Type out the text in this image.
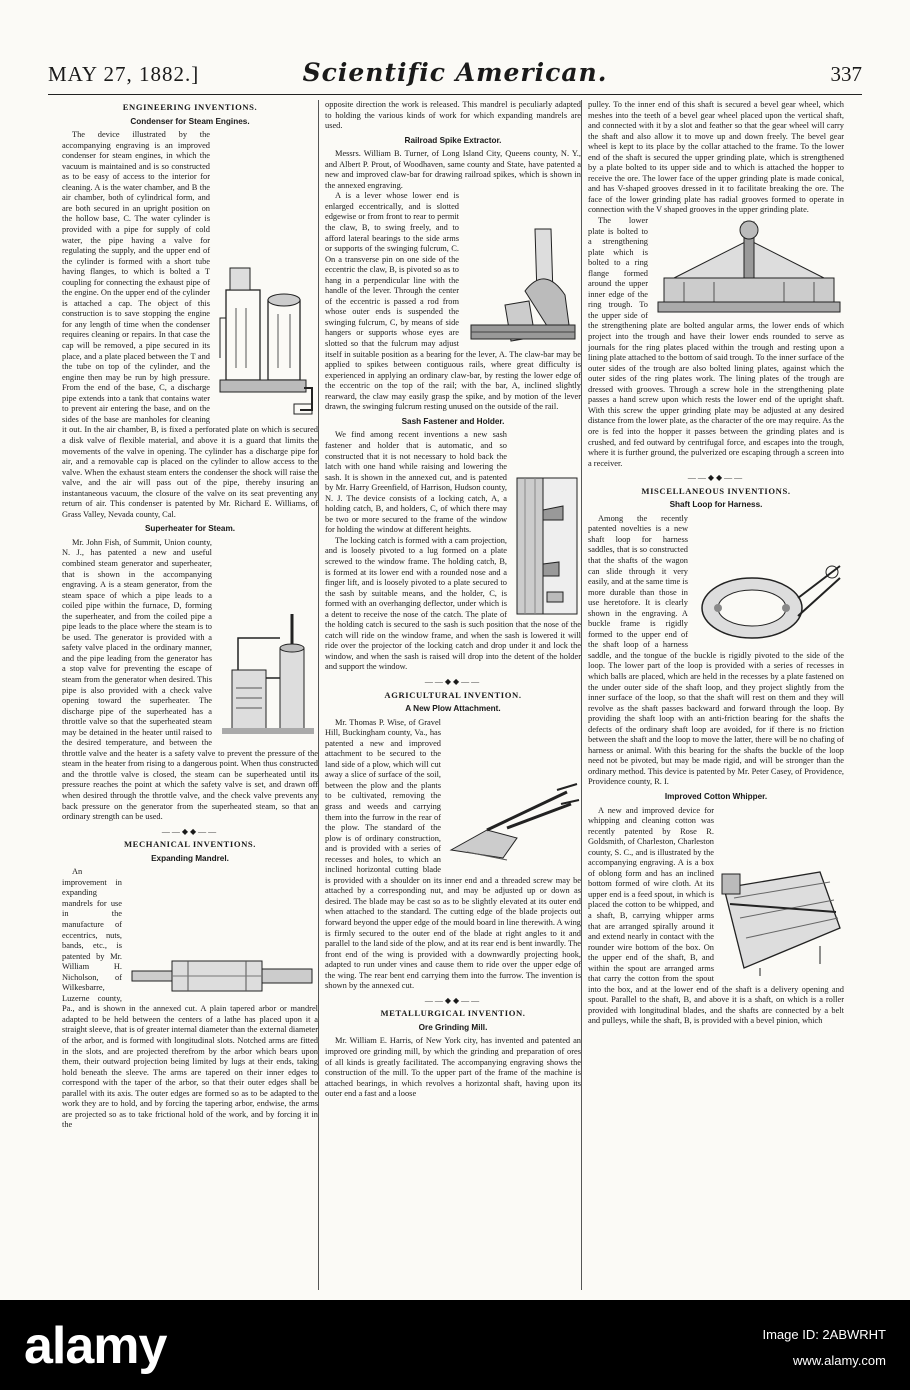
MAY 27, 1882.]	Scientific American.	337
ENGINEERING INVENTIONS.
Condenser for Steam Engines.

The device illustrated by the accompanying engraving is an improved condenser for steam engines, in which the vacuum is maintained and is so constructed as to be easy of access to the interior for cleaning. A is the water chamber, and B the air chamber, both of cylindrical form, and are both secured in an upright position on the hollow base, C. The water cylinder is provided with a pipe for supply of cold water, the pipe having a valve for regulating the supply, and the upper end of the cylinder is formed with a short tube having flanges, to which is bolted a T coupling for connecting the exhaust pipe of the engine. On the upper end of the cylinder is attached a cap. The object of this construction is to save stopping the engine for any length of time when the condenser requires cleaning or repairs. In that case the cap will be removed, a pipe secured in its place, and a plate placed between the T and the tube on top of the cylinder, and the engine then may be run by high pressure. From the end of the base, C, a discharge pipe extends into a tank that contains water to prevent air entering the base, and on the sides of the base are manholes for cleaning it out. In the air chamber, B, is fixed a perforated plate on which is secured a disk valve of flexible material, and above it is a guard that limits the movements of the valve in opening. The cylinder has a discharge pipe for air, and a removable cap is placed on the cylinder to allow access to the valve. When the exhaust steam enters the condenser the shock will raise the valve, and the air will pass out of the pipe, thereby insuring an instantaneous vacuum, the closure of the valve on its seat preventing any return of air. This condenser is patented by Mr. Richard E. Williams, of Grass Valley, Nevada county, Cal.

Superheater for Steam.

Mr. John Fish, of Summit, Union county, N. J., has patented a new and useful combined steam generator and superheater, that is shown in the accompanying engraving. A is a steam generator, from the steam space of which a pipe leads to a coiled pipe within the furnace, D, forming the superheater, and from the coiled pipe a pipe leads to the place where the steam is to be used. The generator is provided with a safety valve placed in the ordinary manner, and the pipe leading from the generator has a stop valve for preventing the escape of steam from the generator when desired. This pipe is also provided with a check valve opening toward the superheater. The discharge pipe of the superheated has a throttle valve so that the superheated steam may be detained in the heater until raised to the desired temperature, and between the throttle valve and the heater is a safety valve to prevent the pressure of the steam in the heater from rising to a dangerous point. When thus constructed and the throttle valve is closed, the steam can be superheated until its pressure reaches the point at which the safety valve is set, and drawn off when desired through the throttle valve, and the check valve prevents any back pressure on the generator from the superheated steam, so that an ordinary strength can be used.

——◆◆——
MECHANICAL INVENTIONS.
Expanding Mandrel.

An improvement in expanding mandrels for use in the manufacture of eccentrics, nuts, bands, etc., is patented by Mr. William H. Nicholson, of Wilkesbarre, Luzerne county, Pa., and is shown in the annexed cut. A plain tapered arbor or mandrel adapted to be held between the centers of a lathe has placed upon it a straight sleeve, that is of greater internal diameter than the external diameter of the arbor, and is formed with longitudinal slots. Notched arms are fitted in the slots, and are projected therefrom by the arbor which bears upon them, their outward projection being limited by lugs at their ends, taking hold beneath the sleeve. The arms are tapered on their inner edges to correspond with the taper of the arbor, so that their outer edges shall be parallel with its axis. The outer edges are formed so as to be adapted to the work they are to hold, and by forcing the tapering arbor, endwise, the arms are projected so as to take frictional hold of the work, and by forcing it in the

opposite direction the work is released. This mandrel is peculiarly adapted to holding the various kinds of work for which expanding mandrels are used.

Railroad Spike Extractor.

Messrs. William B. Turner, of Long Island City, Queens county, N. Y., and Albert P. Prout, of Woodhaven, same county and State, have patented a new and improved claw-bar for drawing railroad spikes, which is shown in the annexed engraving.

A is a lever whose lower end is enlarged eccentrically, and is slotted edgewise or from front to rear to permit the claw, B, to swing freely, and to afford lateral bearings to the side arms or supports of the swinging fulcrum, C. On a transverse pin on one side of the eccentric the claw, B, is pivoted so as to hang in a perpendicular line with the handle of the lever. Through the center of the eccentric is passed a rod from whose outer ends is suspended the swinging fulcrum, C, by means of side hangers or supports whose eyes are slotted so that the fulcrum may adjust itself in suitable position as a bearing for the lever, A. The claw-bar may be applied to spikes between contiguous rails, where great difficulty is experienced in applying an ordinary claw-bar, by resting the lower edge of the eccentric on the top of the rail; with the bar, A, inclined slightly rearward, the claw may easily grasp the spike, and by motion of the lever drawn, the swinging fulcrum resting unused on the outside of the rail.

Sash Fastener and Holder.

We find among recent inventions a new sash fastener and holder that is automatic, and so constructed that it is not necessary to hold back the latch with one hand while raising and lowering the sash. It is shown in the annexed cut, and is patented by Mr. Harry Greenfield, of Harrison, Hudson county, N. J. The device consists of a locking catch, A, a holding catch, B, and holders, C, of which there may be two or more secured to the frame of the window for holding the window at different heights.

The locking catch is formed with a cam projection, and is loosely pivoted to a lug formed on a plate screwed to the window frame. The holding catch, B, is formed at its lower end with a rounded nose and a finger lift, and is loosely pivoted to a plate secured to the sash by suitable means, and the holder, C, is formed with an overhanging deflector, under which is a detent to receive the nose of the catch. The plate of the holding catch is secured to the sash is such position that the nose of the catch will ride on the window frame, and when the sash is lowered it will ride over the projector of the locking catch and drop under it and lock the window, and when the sash is raised will drop into the detent of the holder and support the window.

——◆◆——
AGRICULTURAL INVENTION.
A New Plow Attachment.

Mr. Thomas P. Wise, of Gravel Hill, Buckingham county, Va., has patented a new and improved attachment to be secured to the land side of a plow, which will cut away a slice of surface of the soil, between the plow and the plants to be cultivated, removing the grass and weeds and carrying them into the furrow in the rear of the plow. The standard of the plow is of ordinary construction, and is provided with a series of recesses and holes, to which an inclined horizontal cutting blade is provided with a shoulder on its inner end and a threaded screw may be attached by a corresponding nut, and may be adjusted up or down as desired. The blade may be cast so as to be slightly elevated at its outer end when attached to the standard. The cutting edge of the blade projects out forward beyond the upper edge of the mould board in line therewith. A wing is firmly secured to the outer end of the blade at right angles to it and parallel to the land side of the plow, and at its rear end is bent inwardly. The front end of the wing is provided with a downwardly projecting hook, adapted to run under vines and cause them to ride over the upper edge of the wing. The rear bent end carrying them into the furrow. The invention is shown by the annexed cut.

——◆◆——
METALLURGICAL INVENTION.
Ore Grinding Mill.

Mr. William E. Harris, of New York city, has invented and patented an improved ore grinding mill, by which the grinding and preparation of ores of all kinds is greatly facilitated. The accompanying engraving shows the construction of the mill. To the upper part of the frame of the machine is attached bearings, in which revolves a horizontal shaft, having upon its outer end a fast and a loose

pulley. To the inner end of this shaft is secured a bevel gear wheel, which meshes into the teeth of a bevel gear wheel placed upon the vertical shaft, and connected with it by a slot and feather so that the gear wheel will carry the shaft and also allow it to move up and down freely. The bevel gear wheel is kept to its place by the collar attached to the frame. To the lower end of the shaft is secured the upper grinding plate, which is strengthened by a plate bolted to its upper side and to which is attached the hopper to receive the ore. The lower face of the upper grinding plate is made conical, and has V-shaped grooves dressed in it to facilitate breaking the ore. The face of the lower grinding plate has radial grooves formed to operate in connection with the V shaped grooves in the upper grinding plate.

The lower plate is bolted to a strengthening plate which is bolted to a ring flange formed around the upper inner edge of the ring trough. To the upper side of the strengthening plate are bolted angular arms, the lower ends of which project into the trough and have their lower ends rounded to serve as journals for the ring plates placed within the trough and resting upon a lining plate attached to the bottom of said trough. To the inner surface of the outer sides of the trough are also bolted lining plates, against which the outer sides of the ring plates work. The lining plates of the trough are dressed with grooves. Through a screw hole in the strengthening plate passes a hand screw upon which rests the lower end of the upright shaft. With this screw the upper grinding plate may be adjusted at any desired distance from the lower plate, as the character of the ore may require. As the ore is fed into the hopper it passes between the grinding plates and is crushed, and fed outward by centrifugal force, and escapes into the trough, where it is further ground, the pulverized ore escaping through a screen into a receiver.

——◆◆——
MISCELLANEOUS INVENTIONS.
Shaft Loop for Harness.

Among the recently patented novelties is a new shaft loop for harness saddles, that is so constructed that the shafts of the wagon can slide through it very easily, and at the same time is more durable than those in use heretofore. It is clearly shown in the engraving. A buckle frame is rigidly formed to the upper end of the shaft loop of a harness saddle, and the tongue of the buckle is rigidly pivoted to the side of the loop. The lower part of the loop is provided with a series of recesses in which balls are placed, which are held in the recesses by a plate fastened on the under outer side of the shaft loop, and they project slightly from the inner surface of the loop, so that the shaft will rest on them and they will revolve as the shaft passes backward and forward through the loop. By providing the shaft loop with an anti-friction bearing for the shafts the defects of the ordinary shaft loop are avoided, for if there is no friction between the shaft and the loop to move the latter, there will be no chafing of harness or animal. With this bearing for the shafts the buckle of the loop need not be pivoted, but may be made rigid, and will be stronger than the ordinary method. This device is patented by Mr. Peter Casey, of Providence, Providence county, R. I.

Improved Cotton Whipper.

A new and improved device for whipping and cleaning cotton was recently patented by Rose R. Goldsmith, of Charleston, Charleston county, S. C., and is illustrated by the accompanying engraving. A is a box of oblong form and has an inclined bottom formed of wire cloth. At its upper end is a feed spout, in which is placed the cotton to be whipped, and a shaft, B, carrying whipper arms that are arranged spirally around it and extend nearly in contact with the rounder wire bottom of the box. On the upper end of the shaft, B, and within the spout are arranged arms that carry the cotton from the spout into the box, and at the lower end of the shaft is a delivery opening and spout. Parallel to the shaft, B, and above it is a shaft, on which is a roller provided with longitudinal blades, and the shafts are connected by a belt and pulleys, while the shaft, B, is provided with a bevel pinion, which

alamy	Image ID: 2ABWRHT
www.alamy.com
